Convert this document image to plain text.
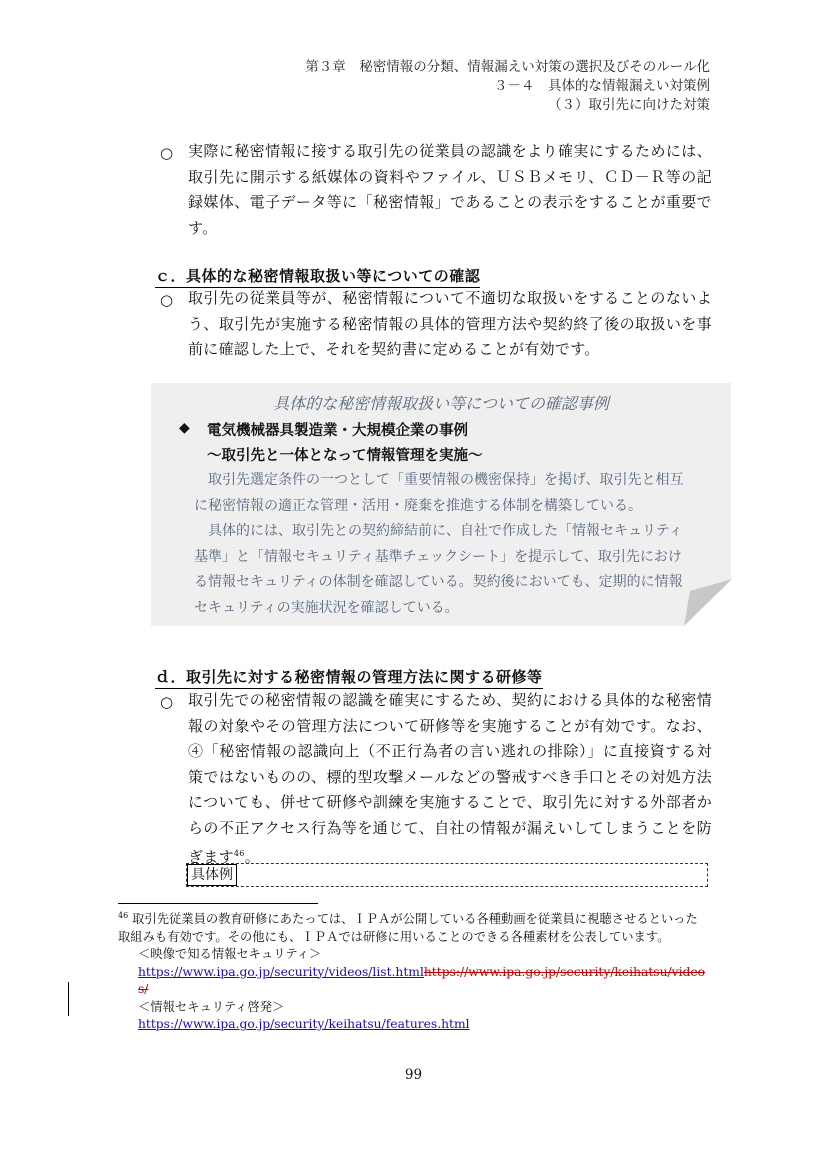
第３章　秘密情報の分類、情報漏えい対策の選択及びそのルール化
３－４　具体的な情報漏えい対策例
（３）取引先に向けた対策
○ 実際に秘密情報に接する取引先の従業員の認識をより確実にするためには、取引先に開示する紙媒体の資料やファイル、ＵＳＢメモリ、ＣＤ－Ｒ等の記録媒体、電子データ等に「秘密情報」であることの表示をすることが重要です。
ｃ．具体的な秘密情報取扱い等についての確認
○ 取引先の従業員等が、秘密情報について不適切な取扱いをすることのないよう、取引先が実施する秘密情報の具体的管理方法や契約終了後の取扱いを事前に確認した上で、それを契約書に定めることが有効です。
具体的な秘密情報取扱い等についての確認事例
◆ 電気機械器具製造業・大規模企業の事例
～取引先と一体となって情報管理を実施～

取引先選定条件の一つとして「重要情報の機密保持」を掲げ、取引先と相互に秘密情報の適正な管理・活用・廃棄を推進する体制を構築している。

具体的には、取引先との契約締結前に、自社で作成した「情報セキュリティ基準」と「情報セキュリティ基準チェックシート」を提示して、取引先における情報セキュリティの体制を確認している。契約後においても、定期的に情報セキュリティの実施状況を確認している。

ｄ．取引先に対する秘密情報の管理方法に関する研修等
○ 取引先での秘密情報の認識を確実にするため、契約における具体的な秘密情報の対象やその管理方法について研修等を実施することが有効です。なお、④「秘密情報の認識向上（不正行為者の言い逃れの排除）」に直接資する対策ではないものの、標的型攻撃メールなどの警戒すべき手口とその対処方法についても、併せて研修や訓練を実施することで、取引先に対する外部者からの不正アクセス行為等を通じて、自社の情報が漏えいしてしまうことを防ぎます$^{46}$。
具体例
$^{46}$ 取引先従業員の教育研修にあたっては、ＩＰＡが公開している各種動画を従業員に視聴させるといった取組みも有効です。その他にも、ＩＰＡでは研修に用いることのできる各種素材を公表しています。
＜映像で知る情報セキュリティ＞
https://www.ipa.go.jp/security/videos/list.htmlhttps://www.ipa.go.jp/security/keihatsu/videos/
＜情報セキュリティ啓発＞
https://www.ipa.go.jp/security/keihatsu/features.html
99
